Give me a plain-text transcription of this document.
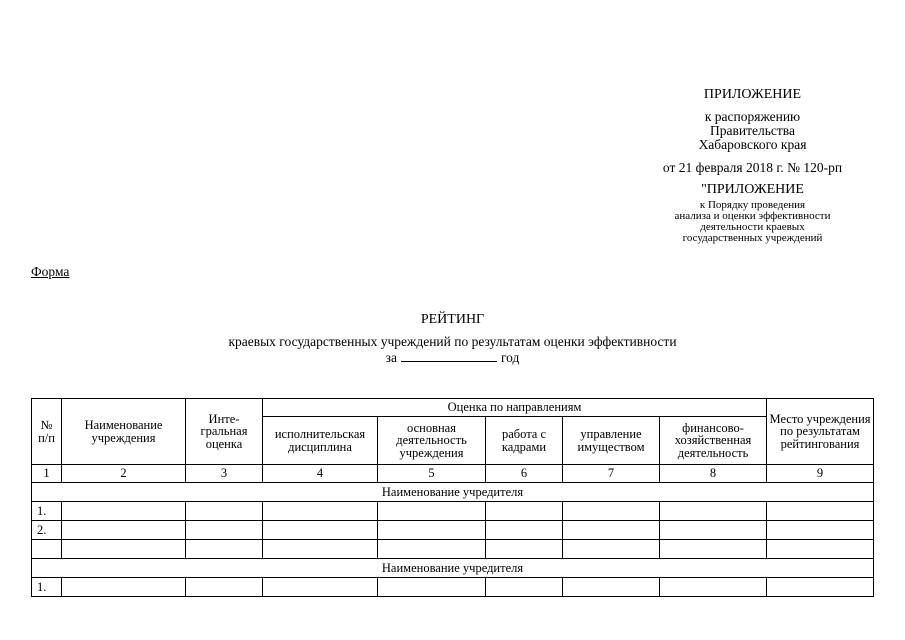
ПРИЛОЖЕНИЕ
к распоряжению
Правительства
Хабаровского края
от 21 февраля 2018 г. № 120-рп
"ПРИЛОЖЕНИЕ
к Порядку проведения
анализа и оценки эффективности
деятельности краевых
государственных учреждений
Форма
РЕЙТИНГ
краевых государственных учреждений по результатам оценки эффективности
за	год
№ п/п	Наименование учреждения	Инте-гральная оценка	Оценка по направлениям					Место учреждения по результатам рейтингования
			исполнительская дисциплина	основная деятельность учреждения	работа с кадрами	управление имуществом	финансово-хозяйственная деятельность	
1	2	3	4	5	6	7	8	9
Наименование учредителя								
1.								
2.								

Наименование учредителя								
1.								
